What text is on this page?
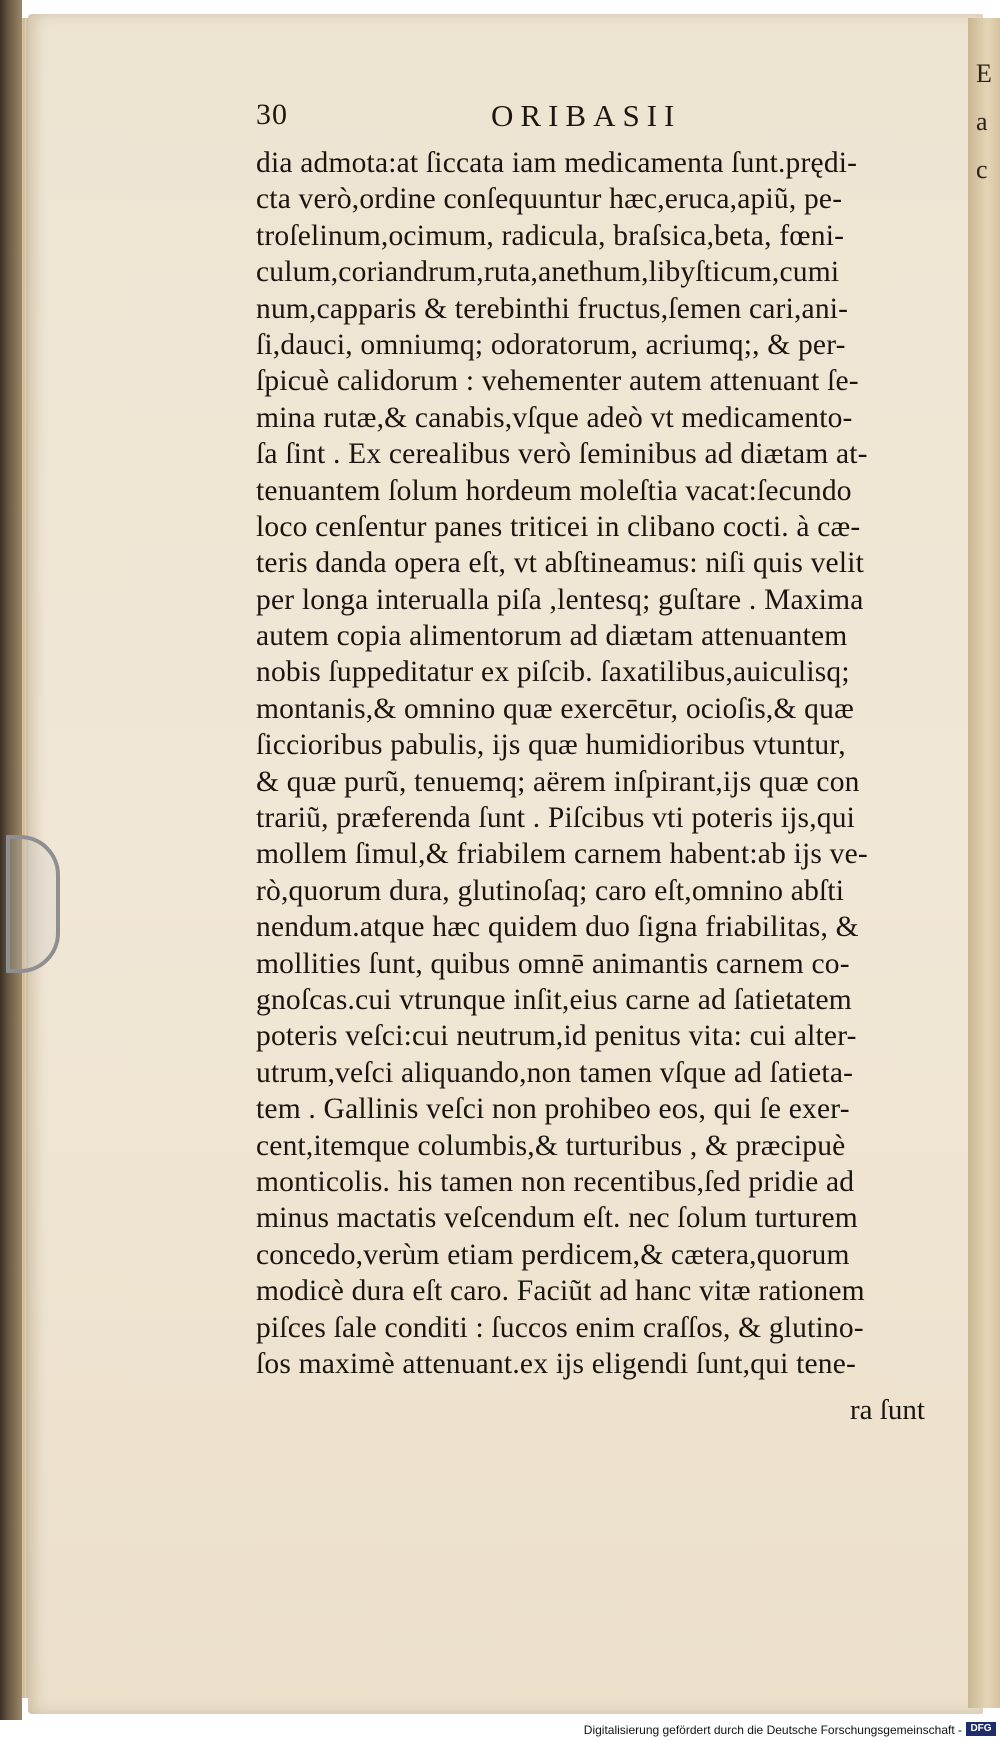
E
a
c
30	ORIBASII
dia admota:at ſiccata iam medicamenta ſunt.prędi-
cta verò,ordine conſequuntur hæc,eruca,apiũ, pe-
troſelinum,ocimum, radicula, braſsica,beta, fœni-
culum,coriandrum,ruta,anethum,libyſticum,cumi
num,capparis & terebinthi fructus,ſemen cari,ani-
ſi,dauci, omniumq; odoratorum, acriumq;, & per-
ſpicuè calidorum : vehementer autem attenuant ſe-
mina rutæ,& canabis,vſque adeò vt medicamento-
ſa ſint . Ex cerealibus verò ſeminibus ad diætam at-
tenuantem ſolum hordeum moleſtia vacat:ſecundo
loco cenſentur panes triticei in clibano cocti. à cæ-
teris danda opera eſt, vt abſtineamus: niſi quis velit
per longa interualla piſa ,lentesq; guſtare . Maxima
autem copia alimentorum ad diætam attenuantem
nobis ſuppeditatur ex piſcib. ſaxatilibus,auiculisq;
montanis,& omnino quæ exercētur, ocioſis,& quæ
ſiccioribus pabulis, ijs quæ humidioribus vtuntur,
& quæ purũ, tenuemq; aërem inſpirant,ijs quæ con
trariũ, præferenda ſunt . Piſcibus vti poteris ijs,qui
mollem ſimul,& friabilem carnem habent:ab ijs ve-
rò,quorum dura, glutinoſaq; caro eſt,omnino abſti
nendum.atque hæc quidem duo ſigna friabilitas, &
mollities ſunt, quibus omnē animantis carnem co-
gnoſcas.cui vtrunque inſit,eius carne ad ſatietatem
poteris veſci:cui neutrum,id penitus vita: cui alter-
utrum,veſci aliquando,non tamen vſque ad ſatieta-
tem . Gallinis veſci non prohibeo eos, qui ſe exer-
cent,itemque columbis,& turturibus , & præcipuè
monticolis. his tamen non recentibus,ſed pridie ad
minus mactatis veſcendum eſt. nec ſolum turturem
concedo,verùm etiam perdicem,& cætera,quorum
modicè dura eſt caro. Faciũt ad hanc vitæ rationem
piſces ſale conditi : ſuccos enim craſſos, & glutino-
ſos maximè attenuant.ex ijs eligendi ſunt,qui tene-
ra ſunt
Digitalisierung gefördert durch die Deutsche Forschungsgemeinschaft - DFG
